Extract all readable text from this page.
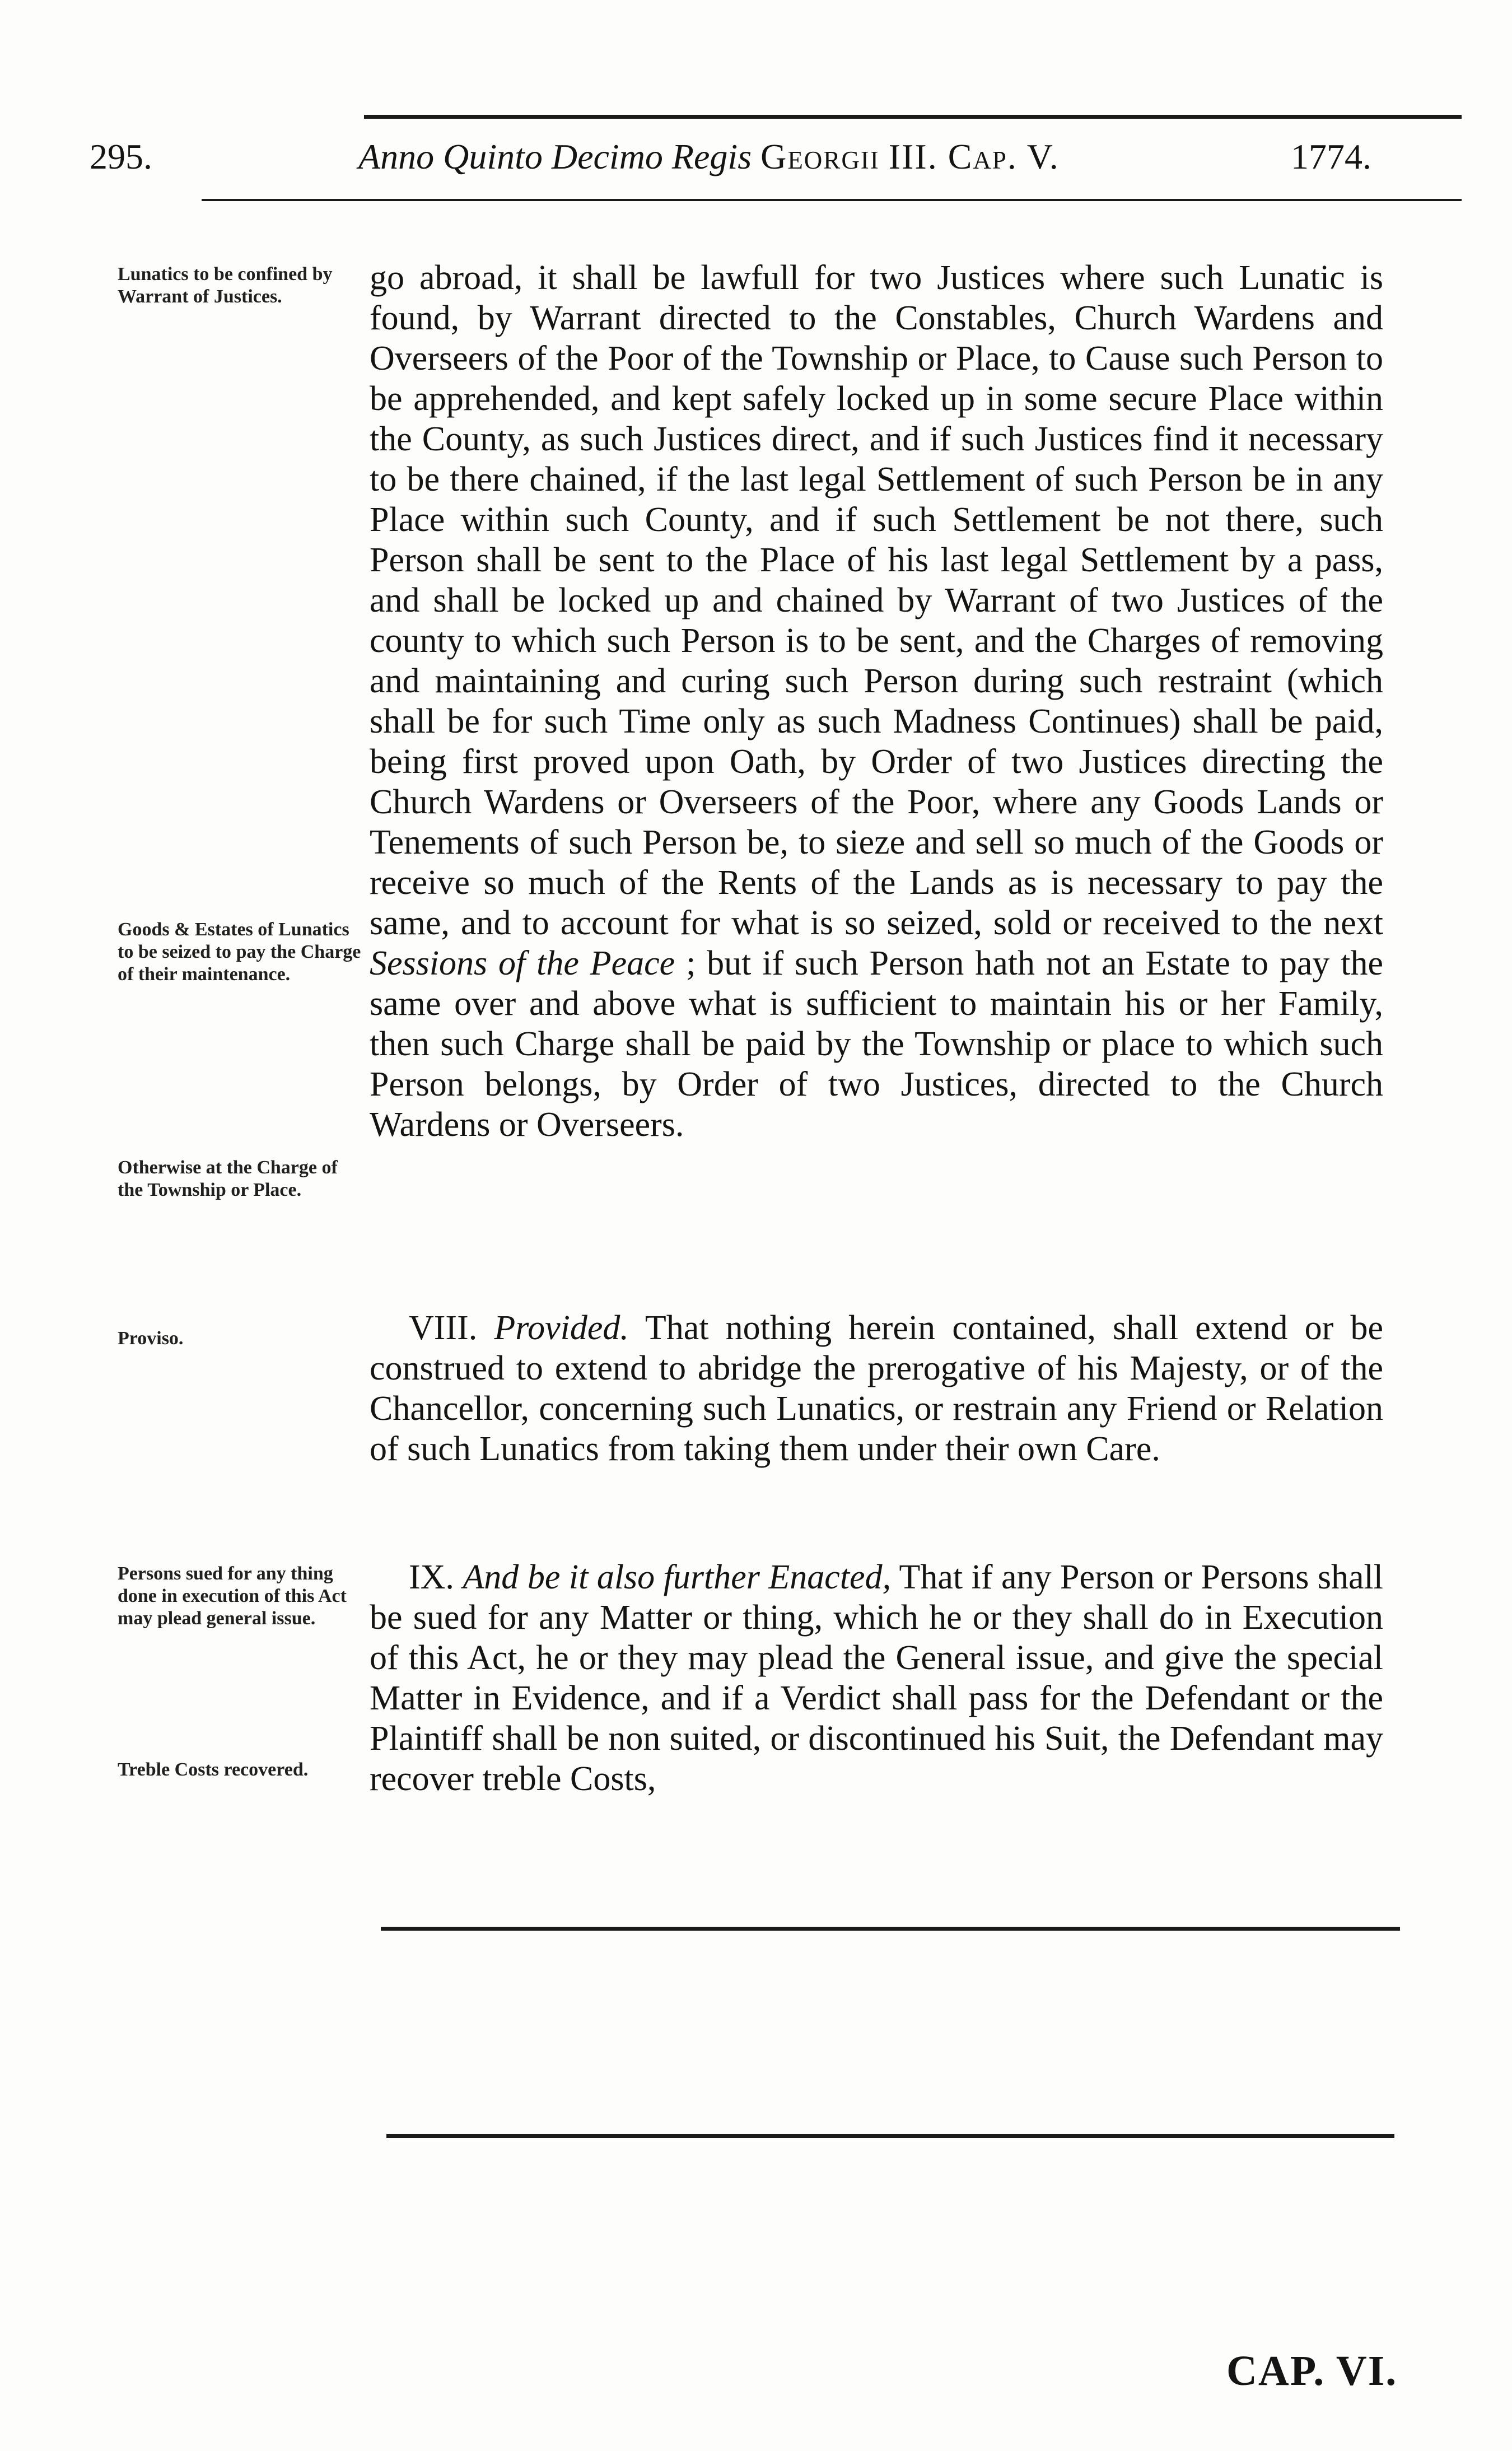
295.	Anno Quinto Decimo Regis Georgii III. Cap. V.	1774.
Lunatics to be confined by Warrant of Justices.
Goods & Estates of Lunatics to be seized to pay the Charge of their maintenance.
Otherwise at the Charge of the Township or Place.
Proviso.
Persons sued for any thing done in execution of this Act may plead general issue.
Treble Costs recovered.
go abroad, it shall be lawfull for two Justices where such Lunatic is found, by Warrant directed to the Constables, Church Wardens and Overseers of the Poor of the Township or Place, to Cause such Person to be apprehended, and kept safely locked up in some secure Place within the County, as such Justices direct, and if such Justices find it necessary to be there chained, if the last legal Settlement of such Person be in any Place within such County, and if such Settlement be not there, such Person shall be sent to the Place of his last legal Settlement by a pass, and shall be locked up and chained by Warrant of two Justices of the county to which such Person is to be sent, and the Charges of removing and maintaining and curing such Person during such restraint (which shall be for such Time only as such Madness Continues) shall be paid, being first proved upon Oath, by Order of two Justices directing the Church Wardens or Overseers of the Poor, where any Goods Lands or Tenements of such Person be, to sieze and sell so much of the Goods or receive so much of the Rents of the Lands as is necessary to pay the same, and to account for what is so seized, sold or received to the next Sessions of the Peace ; but if such Person hath not an Estate to pay the same over and above what is sufficient to maintain his or her Family, then such Charge shall be paid by the Township or place to which such Person belongs, by Order of two Justices, directed to the Church Wardens or Overseers.
VIII. Provided. That nothing herein contained, shall extend or be construed to extend to abridge the prerogative of his Majesty, or of the Chancellor, concerning such Lunatics, or restrain any Friend or Relation of such Lunatics from taking them under their own Care.
IX. And be it also further Enacted, That if any Person or Persons shall be sued for any Matter or thing, which he or they shall do in Execution of this Act, he or they may plead the General issue, and give the special Matter in Evidence, and if a Verdict shall pass for the Defendant or the Plaintiff shall be non suited, or discontinued his Suit, the Defendant may recover treble Costs,
CAP. VI.
